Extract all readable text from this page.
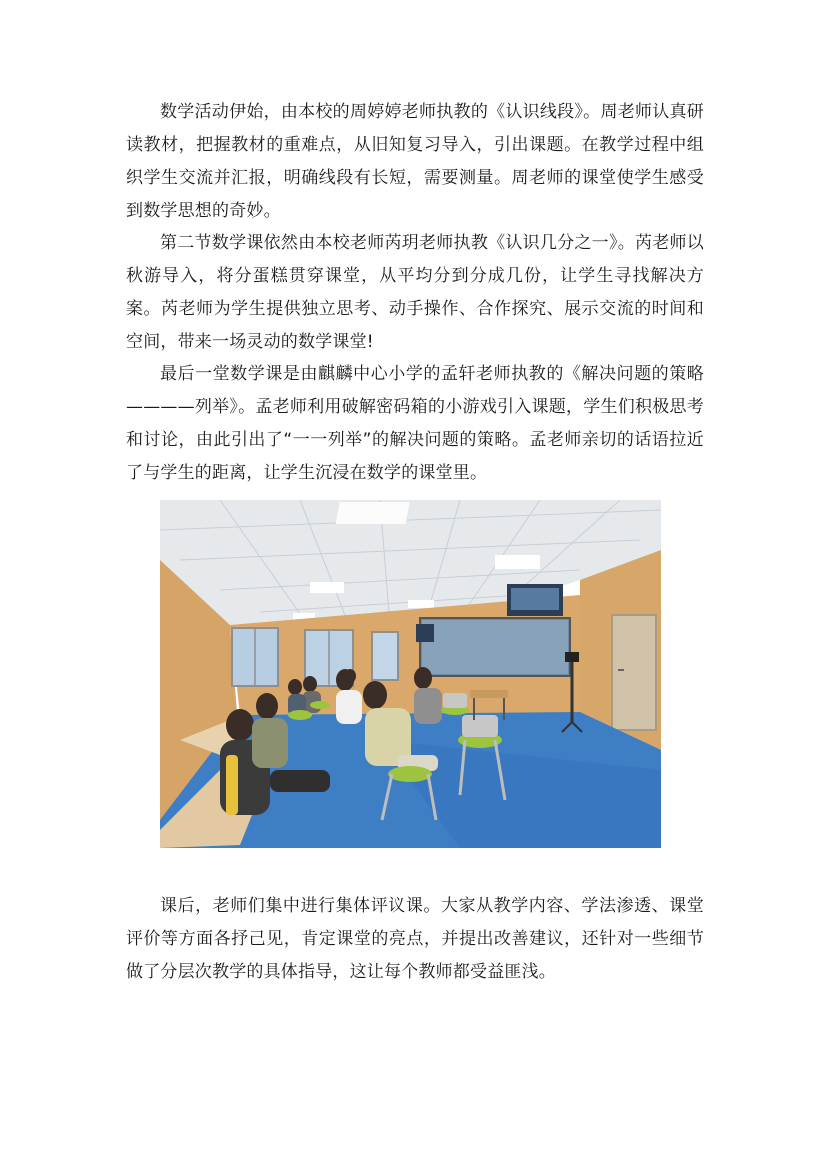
数学活动伊始，由本校的周婷婷老师执教的《认识线段》。周老师认真研读教材，把握教材的重难点，从旧知复习导入，引出课题。在教学过程中组织学生交流并汇报，明确线段有长短，需要测量。周老师的课堂使学生感受到数学思想的奇妙。

第二节数学课依然由本校老师芮玥老师执教《认识几分之一》。芮老师以秋游导入，将分蛋糕贯穿课堂，从平均分到分成几份，让学生寻找解决方案。芮老师为学生提供独立思考、动手操作、合作探究、展示交流的时间和空间，带来一场灵动的数学课堂!

最后一堂数学课是由麒麟中心小学的孟轩老师执教的《解决问题的策略————列举》。孟老师利用破解密码箱的小游戏引入课题，学生们积极思考和讨论，由此引出了“一一列举”的解决问题的策略。孟老师亲切的话语拉近了与学生的距离，让学生沉浸在数学的课堂里。

课后，老师们集中进行集体评议课。大家从教学内容、学法渗透、课堂评价等方面各抒己见，肯定课堂的亮点，并提出改善建议，还针对一些细节做了分层次教学的具体指导，这让每个教师都受益匪浅。
